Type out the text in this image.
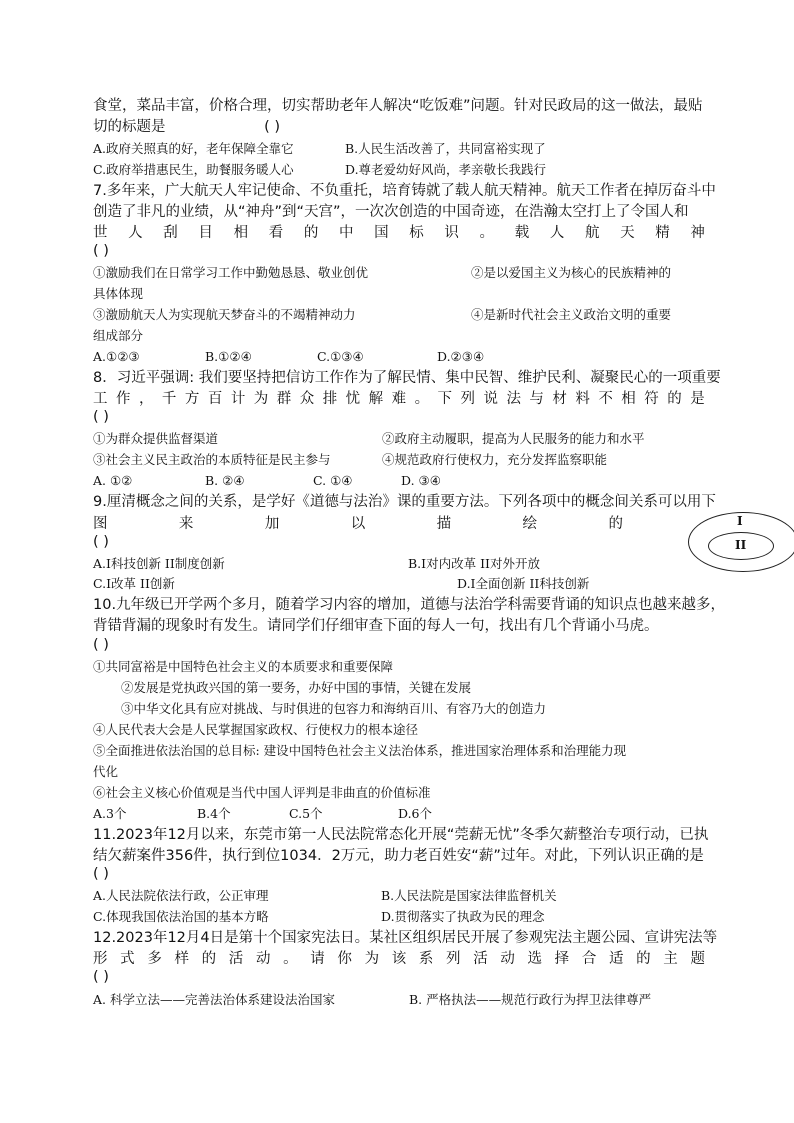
食堂，菜品丰富，价格合理，切实帮助老年人解决“吃饭难”问题。针对民政局的这一做法，最贴
切的标题是	( )
A.政府关照真的好，老年保障全靠它	B.人民生活改善了，共同富裕实现了
C.政府举措惠民生，助餐服务暖人心	D.尊老爱幼好风尚，孝亲敬长我践行
7.多年来，广大航天人牢记使命、不负重托，培育铸就了载人航天精神。航天工作者在掉厉奋斗中
创造了非凡的业绩，从“神舟”到“天宫”，一次次创造的中国奇迹，在浩瀚太空打上了令国人和
世 人 刮 目 相 看 的 中 国 标 识 。 载 人 航 天 精 神
( )
①激励我们在日常学习工作中勤勉恳恳、敬业创优	②是以爱国主义为核心的民族精神的
具体体现
③激励航天人为实现航天梦奋斗的不竭精神动力	④是新时代社会主义政治文明的重要
组成部分
A.①②③	B.①②④	C.①③④	D.②③④
8．习近平强调: 我们要坚持把信访工作作为了解民情、集中民智、维护民利、凝聚民心的一项重要
工 作 ， 千 方 百 计 为 群 众 排 忧 解 难 。 下 列 说 法 与 材 料 不 相 符 的 是
( )
①为群众提供监督渠道	②政府主动履职，提高为人民服务的能力和水平
③社会主义民主政治的本质特征是民主参与	④规范政府行使权力，充分发挥监察职能
A. ①②	B. ②④	C. ①④	D. ③④
9.厘清概念之间的关系，是学好《道德与法治》课的重要方法。下列各项中的概念间关系可以用下
图	来	加	以	描	绘	的
( )
I
II
A.Ⅰ科技创新 ⅠⅠ制度创新	B.Ⅰ对内改革 ⅠⅠ对外开放
C.Ⅰ改革 ⅠⅠ创新	D.Ⅰ全面创新 ⅠⅠ科技创新
10.九年级已开学两个多月，随着学习内容的增加，道德与法治学科需要背诵的知识点也越来越多，
背错背漏的现象时有发生。请同学们仔细审查下面的每人一句，找出有几个背诵小马虎。
( )
①共同富裕是中国特色社会主义的本质要求和重要保障
②发展是党执政兴国的第一要务，办好中国的事情，关键在发展
③中华文化具有应对挑战、与时俱进的包容力和海纳百川、有容乃大的创造力
④人民代表大会是人民掌握国家政权、行使权力的根本途径
⑤全面推进依法治国的总目标: 建设中国特色社会主义法治体系，推进国家治理体系和治理能力现
代化
⑥社会主义核心价值观是当代中国人评判是非曲直的价值标准
A.3个	B.4个	C.5个	D.6个
11.2023年12月以来，东莞市第一人民法院常态化开展“莞薪无忧”冬季欠薪整治专项行动，已执
结欠薪案件356件，执行到位1034．2万元，助力老百姓安“薪”过年。对此，下列认识正确的是
( )
A.人民法院依法行政，公正审理	B.人民法院是国家法律监督机关
C.体现我国依法治国的基本方略	D.贯彻落实了执政为民的理念
12.2023年12月4日是第十个国家宪法日。某社区组织居民开展了参观宪法主题公园、宣讲宪法等
形 式 多 样 的 活 动 。 请 你 为 该 系 列 活 动 选 择 合 适 的 主 题
( )
A. 科学立法——完善法治体系建设法治国家	B. 严格执法——规范行政行为捍卫法律尊严
